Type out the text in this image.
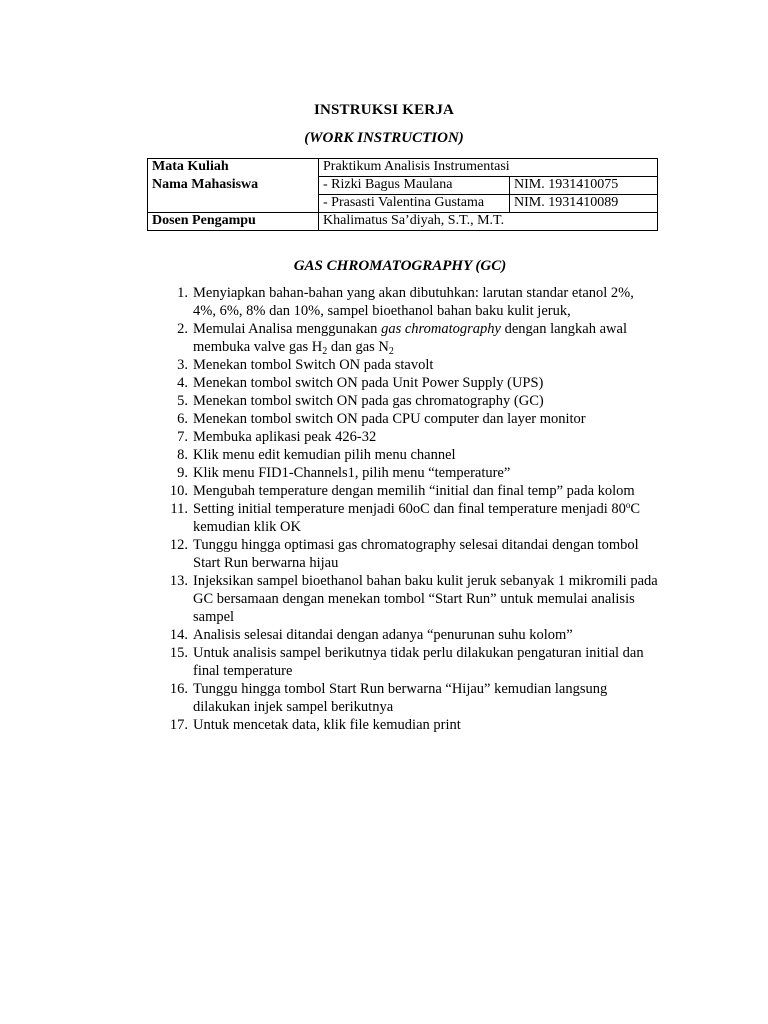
INSTRUKSI KERJA
(WORK INSTRUCTION)
Mata Kuliah	Praktikum Analisis Instrumentasi	
Nama Mahasiswa	- Rizki Bagus Maulana	NIM. 1931410075
	- Prasasti Valentina Gustama	NIM. 1931410089
Dosen Pengampu	Khalimatus Sa’diyah, S.T., M.T.	
GAS CHROMATOGRAPHY (GC)
1. Menyiapkan bahan-bahan yang akan dibutuhkan: larutan standar etanol 2%, 4%, 6%, 8% dan 10%, sampel bioethanol bahan baku kulit jeruk,
2. Memulai Analisa menggunakan gas chromatography dengan langkah awal membuka valve gas $H_2$ dan gas $N_2$
3. Menekan tombol Switch ON pada stavolt
4. Menekan tombol switch ON pada Unit Power Supply (UPS)
5. Menekan tombol switch ON pada gas chromatography (GC)
6. Menekan tombol switch ON pada CPU computer dan layer monitor
7. Membuka aplikasi peak 426-32
8. Klik menu edit kemudian pilih menu channel
9. Klik menu FID1-Channels1, pilih menu “temperature”
10. Mengubah temperature dengan memilih “initial dan final temp” pada kolom
11. Setting initial temperature menjadi 60oC dan final temperature menjadi 80$^o$C kemudian klik OK
12. Tunggu hingga optimasi gas chromatography selesai ditandai dengan tombol Start Run berwarna hijau
13. Injeksikan sampel bioethanol bahan baku kulit jeruk sebanyak 1 mikromili pada GC bersamaan dengan menekan tombol “Start Run” untuk memulai analisis sampel
14. Analisis selesai ditandai dengan adanya “penurunan suhu kolom”
15. Untuk analisis sampel berikutnya tidak perlu dilakukan pengaturan initial dan final temperature
16. Tunggu hingga tombol Start Run berwarna “Hijau” kemudian langsung dilakukan injek sampel berikutnya
17. Untuk mencetak data, klik file kemudian print
